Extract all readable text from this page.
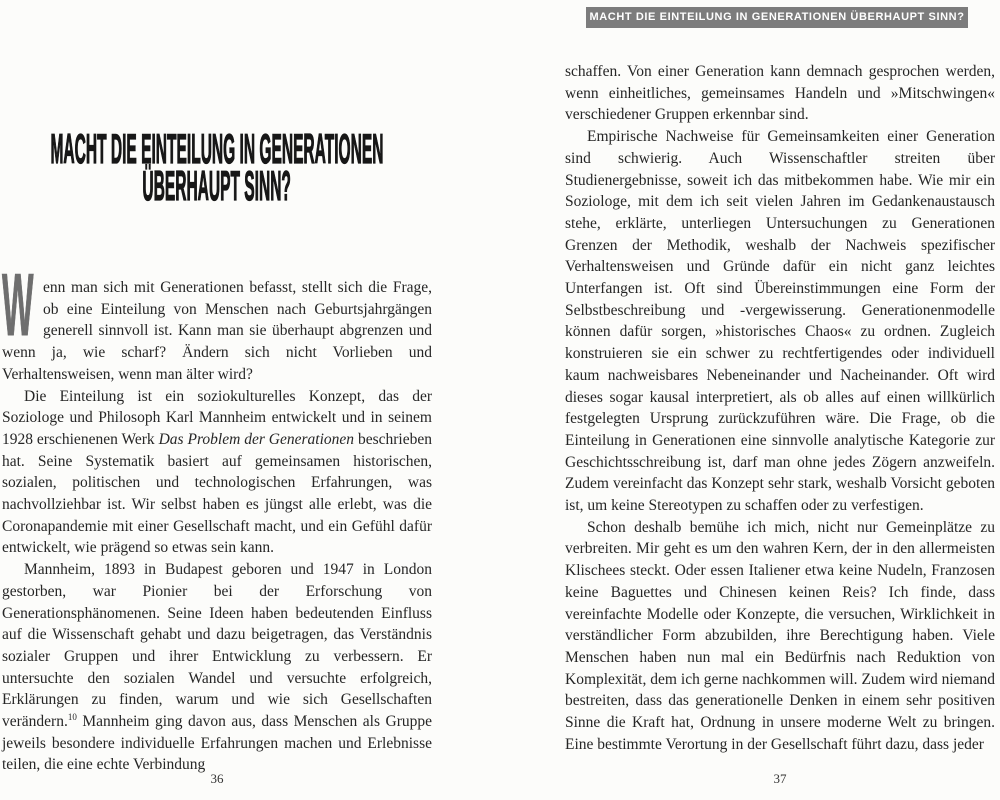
MACHT DIE EINTEILUNG IN GENERATIONEN ÜBERHAUPT SINN?
MACHT DIE EINTEILUNG IN GENERATIONEN
ÜBERHAUPT SINN?

W enn man sich mit Generationen befasst, stellt sich die Frage, ob eine Einteilung von Menschen nach Geburtsjahrgängen generell sinnvoll ist. Kann man sie überhaupt abgrenzen und wenn ja, wie scharf? Ändern sich nicht Vorlieben und Verhaltensweisen, wenn man älter wird?

Die Einteilung ist ein soziokulturelles Konzept, das der Soziologe und Philosoph Karl Mannheim entwickelt und in seinem 1928 erschienenen Werk Das Problem der Generationen beschrieben hat. Seine Systematik basiert auf gemeinsamen historischen, sozialen, politischen und technologischen Erfahrungen, was nachvollziehbar ist. Wir selbst haben es jüngst alle erlebt, was die Coronapandemie mit einer Gesellschaft macht, und ein Gefühl dafür entwickelt, wie prägend so etwas sein kann.

Mannheim, 1893 in Budapest geboren und 1947 in London gestorben, war Pionier bei der Erforschung von Generationsphänomenen. Seine Ideen haben bedeutenden Einfluss auf die Wissenschaft gehabt und dazu beigetragen, das Verständnis sozialer Gruppen und ihrer Entwicklung zu verbessern. Er untersuchte den sozialen Wandel und versuchte erfolgreich, Erklärungen zu finden, warum und wie sich Gesellschaften verändern.$^{10}$ Mannheim ging davon aus, dass Menschen als Gruppe jeweils besondere individuelle Erfahrungen machen und Erlebnisse teilen, die eine echte Verbindung

36

schaffen. Von einer Generation kann demnach gesprochen werden, wenn einheitliches, gemeinsames Handeln und »Mitschwingen« verschiedener Gruppen erkennbar sind.

Empirische Nachweise für Gemeinsamkeiten einer Generation sind schwierig. Auch Wissenschaftler streiten über Studienergebnisse, soweit ich das mitbekommen habe. Wie mir ein Soziologe, mit dem ich seit vielen Jahren im Gedankenaustausch stehe, erklärte, unterliegen Untersuchungen zu Generationen Grenzen der Methodik, weshalb der Nachweis spezifischer Verhaltensweisen und Gründe dafür ein nicht ganz leichtes Unterfangen ist. Oft sind Übereinstimmungen eine Form der Selbstbeschreibung und -vergewisserung. Generationenmodelle können dafür sorgen, »historisches Chaos« zu ordnen. Zugleich konstruieren sie ein schwer zu rechtfertigendes oder individuell kaum nachweisbares Nebeneinander und Nacheinander. Oft wird dieses sogar kausal interpretiert, als ob alles auf einen willkürlich festgelegten Ursprung zurückzuführen wäre. Die Frage, ob die Einteilung in Generationen eine sinnvolle analytische Kategorie zur Geschichtsschreibung ist, darf man ohne jedes Zögern anzweifeln. Zudem vereinfacht das Konzept sehr stark, weshalb Vorsicht geboten ist, um keine Stereotypen zu schaffen oder zu verfestigen.

Schon deshalb bemühe ich mich, nicht nur Gemeinplätze zu verbreiten. Mir geht es um den wahren Kern, der in den allermeisten Klischees steckt. Oder essen Italiener etwa keine Nudeln, Franzosen keine Baguettes und Chinesen keinen Reis? Ich finde, dass vereinfachte Modelle oder Konzepte, die versuchen, Wirklichkeit in verständlicher Form abzubilden, ihre Berechtigung haben. Viele Menschen haben nun mal ein Bedürfnis nach Reduktion von Komplexität, dem ich gerne nachkommen will. Zudem wird niemand bestreiten, dass das generationelle Denken in einem sehr positiven Sinne die Kraft hat, Ordnung in unsere moderne Welt zu bringen. Eine bestimmte Verortung in der Gesellschaft führt dazu, dass jeder

37
